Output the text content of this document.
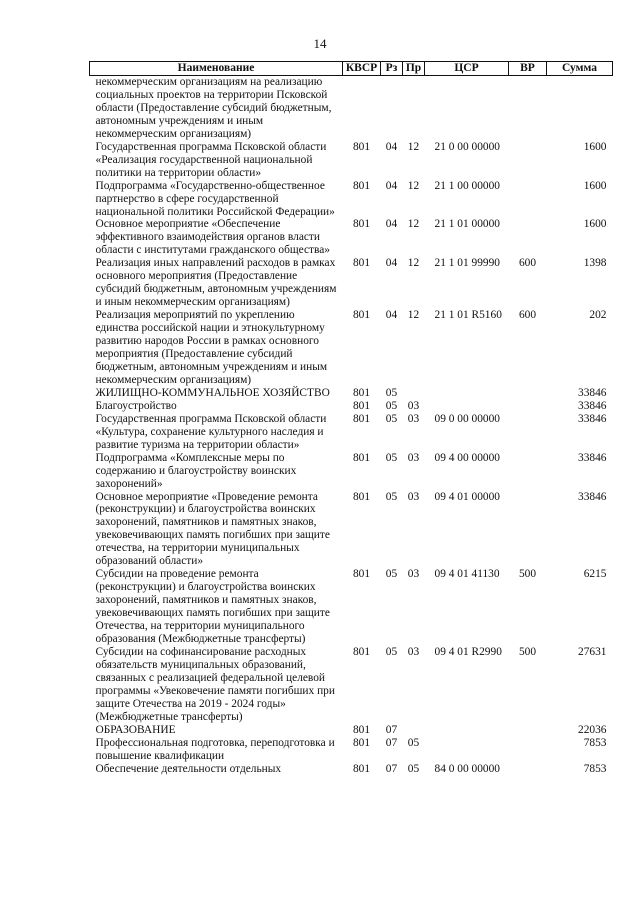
14
Наименование	КВСР	Рз	Пр	ЦСР	ВР	Сумма
некоммерческим организациям на реализацию социальных проектов на территории Псковской области (Предоставление субсидий бюджетным, автономным учреждениям и иным некоммерческим организациям)						
Государственная программа Псковской области «Реализация государственной национальной политики на территории области»	801	04	12	21 0 00 00000		1600
Подпрограмма «Государственно-общественное партнерство в сфере государственной национальной политики Российской Федерации»	801	04	12	21 1 00 00000		1600
Основное мероприятие «Обеспечение эффективного взаимодействия органов власти области с институтами гражданского общества»	801	04	12	21 1 01 00000		1600
Реализация иных направлений расходов в рамках основного мероприятия (Предоставление субсидий бюджетным, автономным учреждениям и иным некоммерческим организациям)	801	04	12	21 1 01 99990	600	1398
Реализация мероприятий по укреплению единства российской нации и этнокультурному развитию народов России в рамках основного мероприятия (Предоставление субсидий бюджетным, автономным учреждениям и иным некоммерческим организациям)	801	04	12	21 1 01 R5160	600	202
ЖИЛИЩНО-КОММУНАЛЬНОЕ ХОЗЯЙСТВО	801	05				33846
Благоустройство	801	05	03			33846
Государственная программа Псковской области «Культура, сохранение культурного наследия и развитие туризма на территории области»	801	05	03	09 0 00 00000		33846
Подпрограмма «Комплексные меры по содержанию и благоустройству воинских захоронений»	801	05	03	09 4 00 00000		33846
Основное мероприятие «Проведение ремонта (реконструкции) и благоустройства воинских захоронений, памятников и памятных знаков, увековечивающих память погибших при защите отечества, на территории муниципальных образований области»	801	05	03	09 4 01 00000		33846
Субсидии на проведение ремонта (реконструкции) и благоустройства воинских захоронений, памятников и памятных знаков, увековечивающих память погибших при защите Отечества, на территории муниципального образования (Межбюджетные трансферты)	801	05	03	09 4 01 41130	500	6215
Субсидии на софинансирование расходных обязательств муниципальных образований, связанных с реализацией федеральной целевой программы «Увековечение памяти погибших при защите Отечества на 2019 - 2024 годы» (Межбюджетные трансферты)	801	05	03	09 4 01 R2990	500	27631
ОБРАЗОВАНИЕ	801	07				22036
Профессиональная подготовка, переподготовка и повышение квалификации	801	07	05			7853
Обеспечение деятельности отдельных	801	07	05	84 0 00 00000		7853
